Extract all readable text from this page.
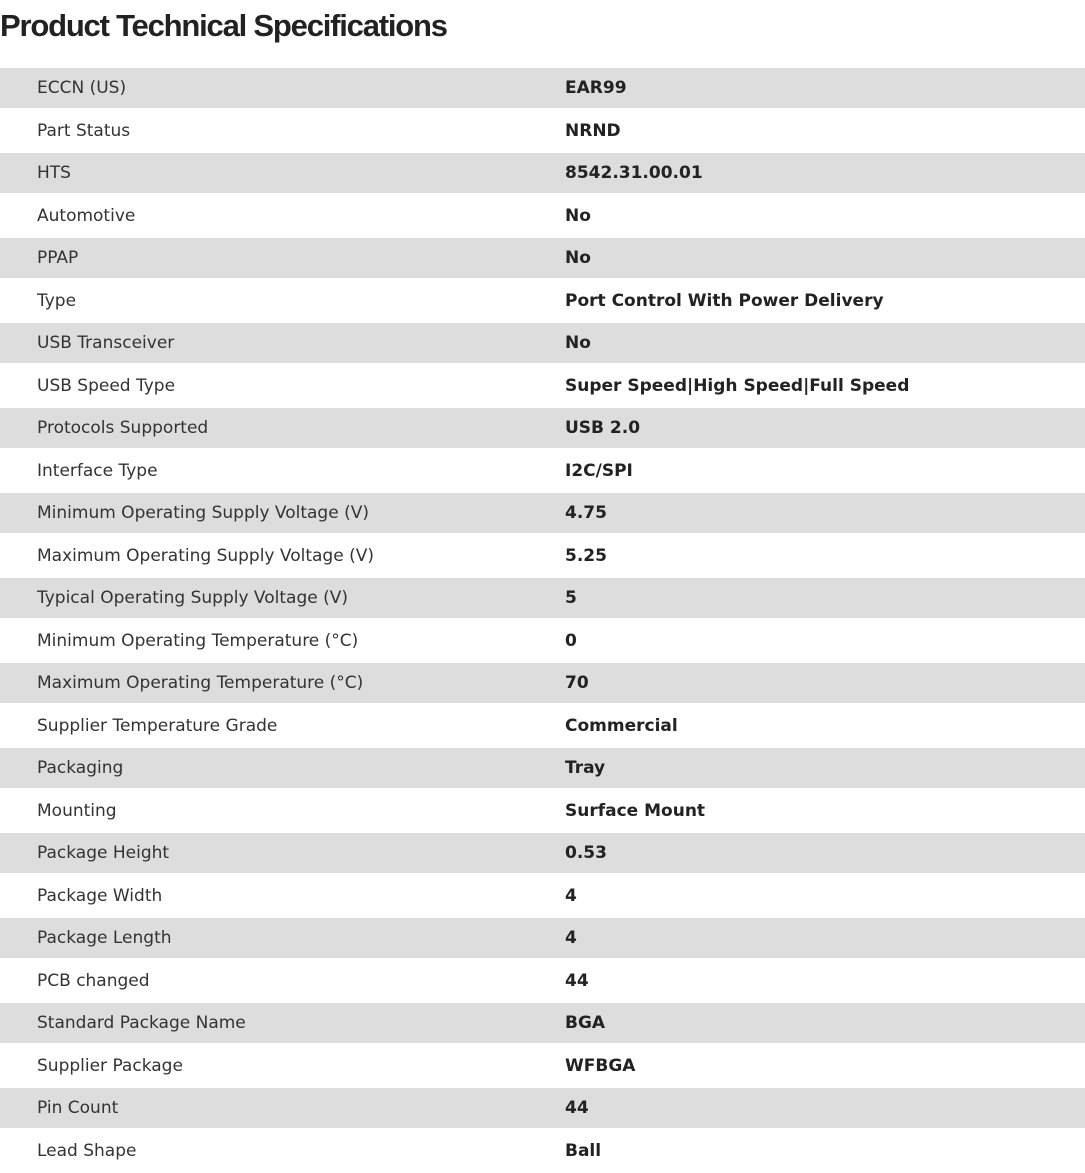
Product Technical Specifications
ECCN (US)	EAR99
Part Status	NRND
HTS	8542.31.00.01
Automotive	No
PPAP	No
Type	Port Control With Power Delivery
USB Transceiver	No
USB Speed Type	Super Speed|High Speed|Full Speed
Protocols Supported	USB 2.0
Interface Type	I2C/SPI
Minimum Operating Supply Voltage (V)	4.75
Maximum Operating Supply Voltage (V)	5.25
Typical Operating Supply Voltage (V)	5
Minimum Operating Temperature (°C)	0
Maximum Operating Temperature (°C)	70
Supplier Temperature Grade	Commercial
Packaging	Tray
Mounting	Surface Mount
Package Height	0.53
Package Width	4
Package Length	4
PCB changed	44
Standard Package Name	BGA
Supplier Package	WFBGA
Pin Count	44
Lead Shape	Ball
